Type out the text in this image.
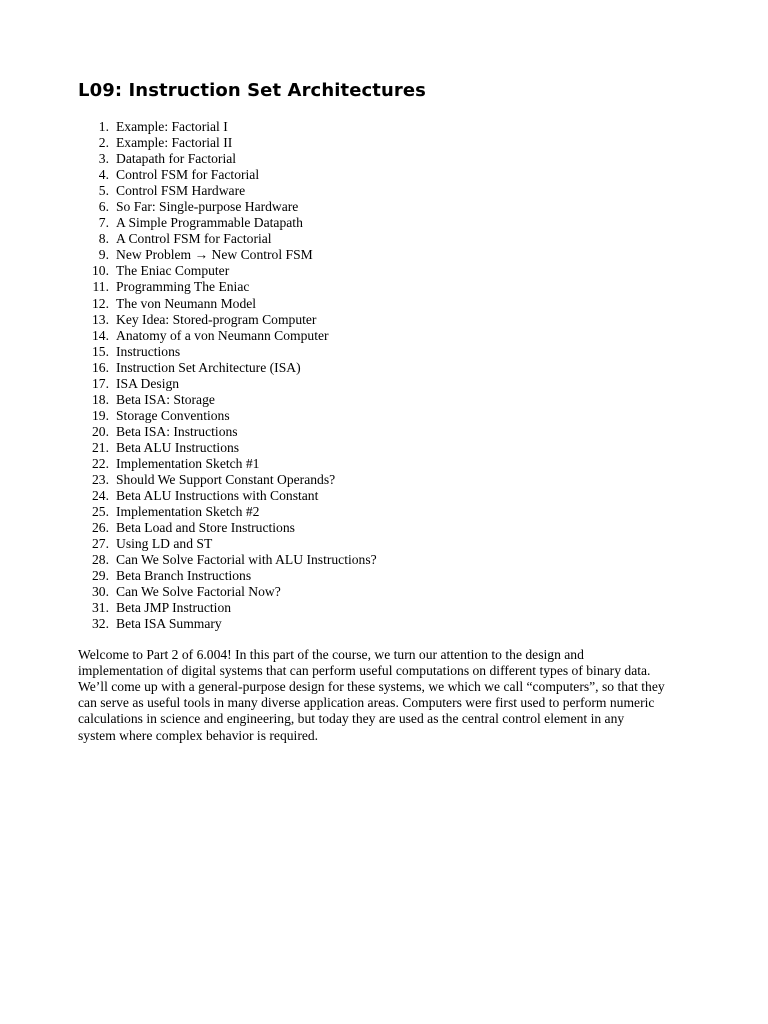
L09: Instruction Set Architectures
1. Example: Factorial I
2. Example: Factorial II
3. Datapath for Factorial
4. Control FSM for Factorial
5. Control FSM Hardware
6. So Far: Single-purpose Hardware
7. A Simple Programmable Datapath
8. A Control FSM for Factorial
9. New Problem → New Control FSM
10. The Eniac Computer
11. Programming The Eniac
12. The von Neumann Model
13. Key Idea: Stored-program Computer
14. Anatomy of a von Neumann Computer
15. Instructions
16. Instruction Set Architecture (ISA)
17. ISA Design
18. Beta ISA: Storage
19. Storage Conventions
20. Beta ISA: Instructions
21. Beta ALU Instructions
22. Implementation Sketch #1
23. Should We Support Constant Operands?
24. Beta ALU Instructions with Constant
25. Implementation Sketch #2
26. Beta Load and Store Instructions
27. Using LD and ST
28. Can We Solve Factorial with ALU Instructions?
29. Beta Branch Instructions
30. Can We Solve Factorial Now?
31. Beta JMP Instruction
32. Beta ISA Summary
Welcome to Part 2 of 6.004! In this part of the course, we turn our attention to the design and
implementation of digital systems that can perform useful computations on different types of binary data.
We’ll come up with a general-purpose design for these systems, we which we call “computers”, so that they
can serve as useful tools in many diverse application areas. Computers were first used to perform numeric
calculations in science and engineering, but today they are used as the central control element in any
system where complex behavior is required.
